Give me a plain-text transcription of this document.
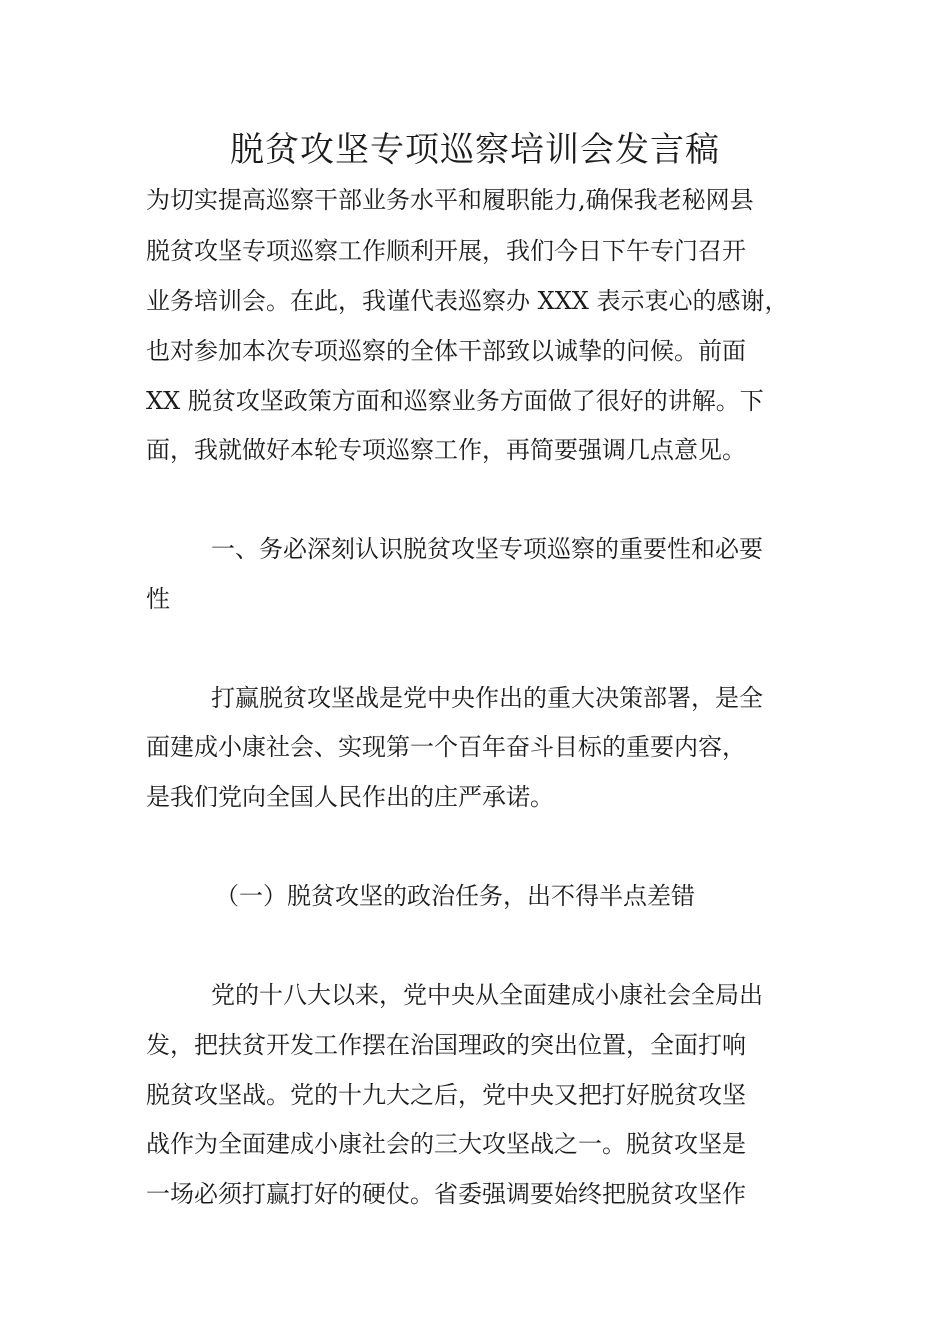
脱贫攻坚专项巡察培训会发言稿

为切实提高巡察干部业务水平和履职能力,确保我老秘网县

脱贫攻坚专项巡察工作顺利开展，我们今日下午专门召开

业务培训会。在此，我谨代表巡察办 XXX 表示衷心的感谢，

也对参加本次专项巡察的全体干部致以诚挚的问候。前面

XX 脱贫攻坚政策方面和巡察业务方面做了很好的讲解。下

面，我就做好本轮专项巡察工作，再简要强调几点意见。

一、务必深刻认识脱贫攻坚专项巡察的重要性和必要

性

打赢脱贫攻坚战是党中央作出的重大决策部署，是全

面建成小康社会、实现第一个百年奋斗目标的重要内容，

是我们党向全国人民作出的庄严承诺。

（一）脱贫攻坚的政治任务，出不得半点差错

党的十八大以来，党中央从全面建成小康社会全局出

发，把扶贫开发工作摆在治国理政的突出位置，全面打响

脱贫攻坚战。党的十九大之后，党中央又把打好脱贫攻坚

战作为全面建成小康社会的三大攻坚战之一。脱贫攻坚是

一场必须打赢打好的硬仗。省委强调要始终把脱贫攻坚作
